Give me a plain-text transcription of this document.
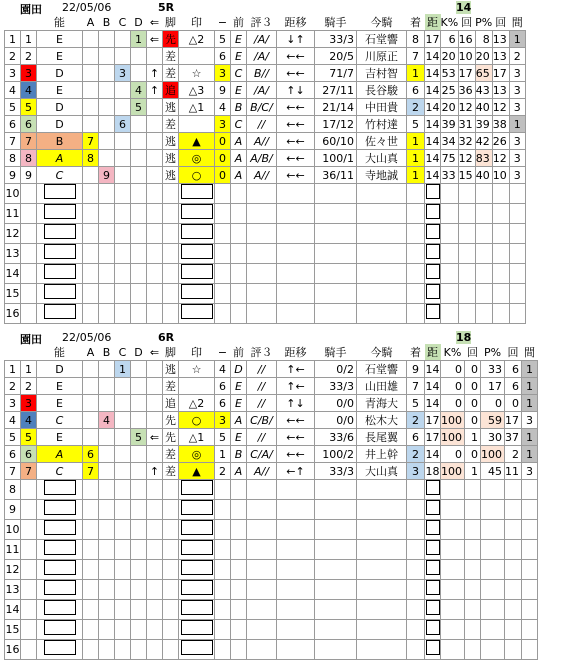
園田 22/05/06	5R	14
		能	A	B	C	D	⇐	脚	印	−	前	評３	距移	騎手	今騎	着	距	K%	回	P%	回	間
1	1	E				1	⇐	先	△2	5	E	/A/	↓↑	33/3	石堂響	8	17	6	16	8	13	1
2	2	E						差		6	E	/A/	←←	20/5	川原正	7	14	20	10	20	13	2
3	3	D			3		↑	差	☆	3	C	B//	←←	71/7	吉村智	1	14	53	17	65	17	3
4	4	E				4	↑	追	△3	9	E	/A/	↑↓	27/11	長谷駿	6	14	25	36	43	13	3
5	5	D				5		逃	△1	4	B	B/C/	←←	21/14	中田貴	2	14	20	12	40	12	3
6	6	D			6			差		3	C	//	←←	17/12	竹村達	5	14	39	31	39	38	1
7	7	B	7					逃	▲	0	A	A//	←←	60/10	佐々世	1	14	34	32	42	26	3
8	8	A	8					逃	◎	0	A	A/B/	←←	100/1	大山真	1	14	75	12	83	12	3
9	9	C		9				逃	○	0	A	A//	←←	36/11	寺地誠	1	14	33	15	40	10	3
10																						
11																						
12																						
13																						
14																						
15																						
16																						
園田 22/05/06	6R	18
		能	A	B	C	D	⇐	脚	印	−	前	評３	距移	騎手	今騎	着	距	K%	回	P%	回	間
1	1	D			1			逃	☆	4	D	//	↑←	0/2	石堂響	9	14	0	0	33	6	1
2	2	E						差		6	E	//	↑←	33/3	山田雄	7	14	0	0	17	6	1
3	3	E						追	△2	6	E	//	↑↓	0/0	青海大	5	14	0	0	0	0	1
4	4	C		4				先	○	3	A	C/B/	←←	0/0	松木大	2	17	100	0	59	17	3
5	5	E				5	⇐	先	△1	5	E	//	←←	33/6	長尾翼	6	17	100	1	30	37	1
6	6	A	6					差	◎	1	B	C/A/	←←	100/2	井上幹	2	14	0	0	100	2	1
7	7	C	7				↑	差	▲	2	A	A//	←↑	33/3	大山真	3	18	100	1	45	11	3
8																						
9																						
10																						
11																						
12																						
13																						
14																						
15																						
16																						
